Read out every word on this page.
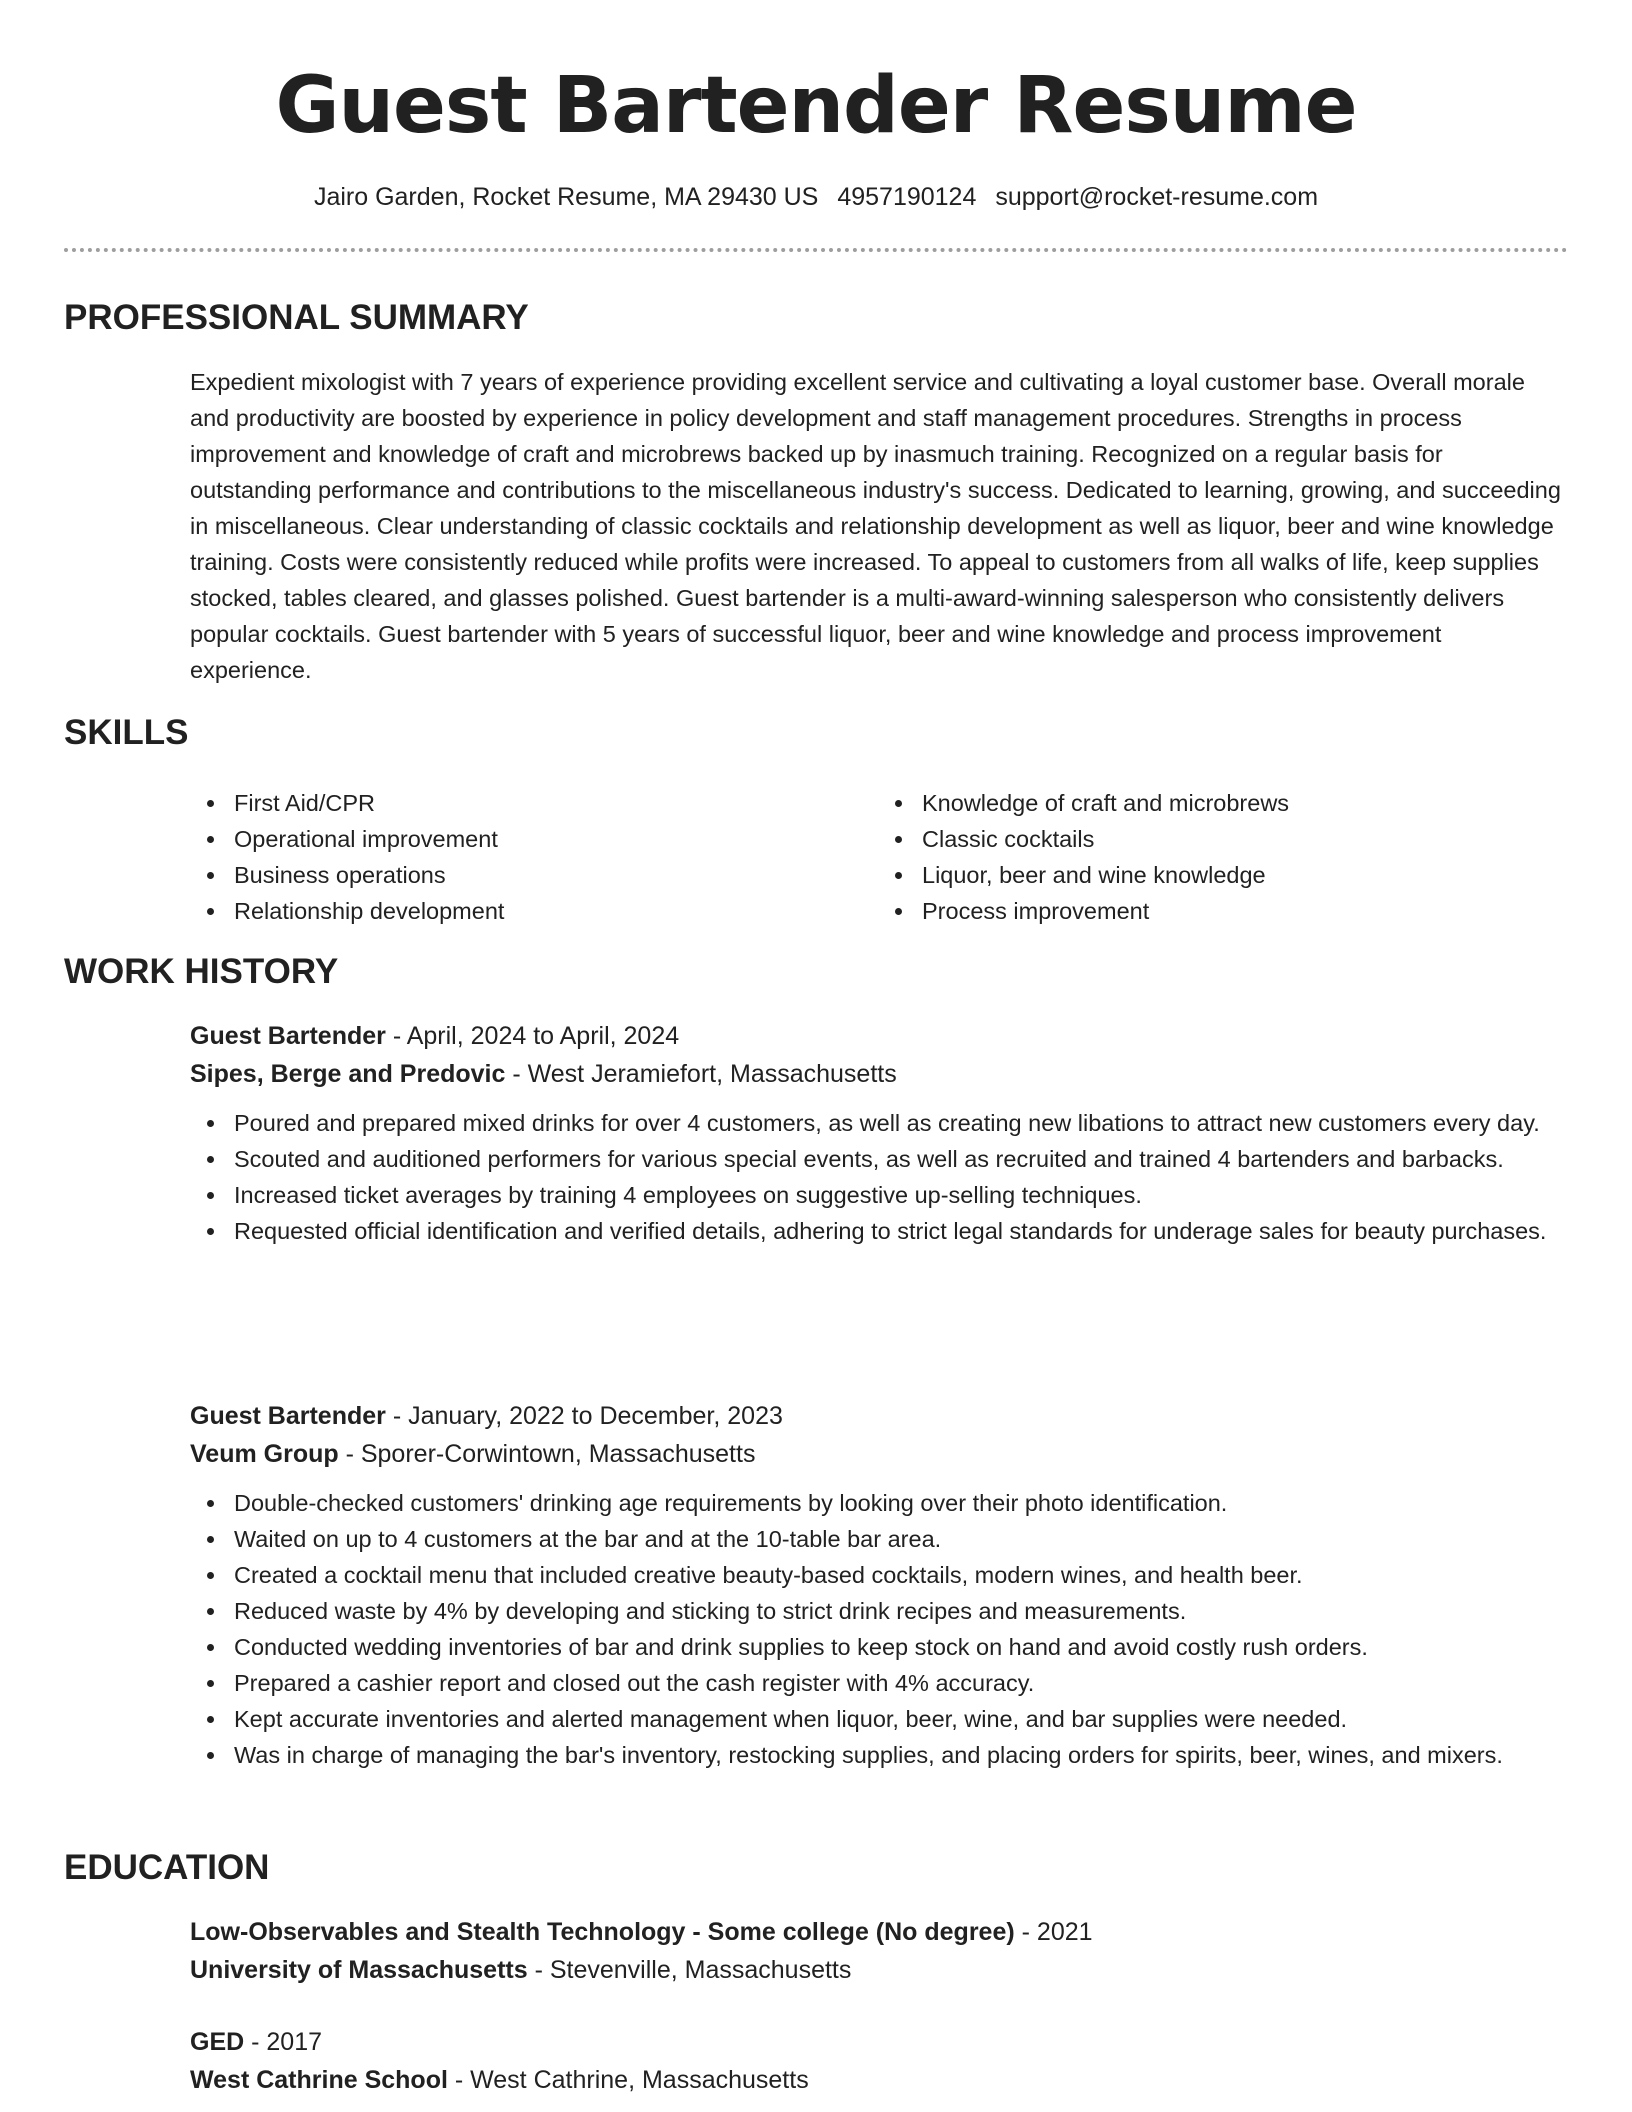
Guest Bartender Resume

Jairo Garden, Rocket Resume, MA 29430 US 4957190124 support@rocket-resume.com

PROFESSIONAL SUMMARY

Expedient mixologist with 7 years of experience providing excellent service and cultivating a loyal customer base. Overall morale and productivity are boosted by experience in policy development and staff management procedures. Strengths in process improvement and knowledge of craft and microbrews backed up by inasmuch training. Recognized on a regular basis for outstanding performance and contributions to the miscellaneous industry's success. Dedicated to learning, growing, and succeeding in miscellaneous. Clear understanding of classic cocktails and relationship development as well as liquor, beer and wine knowledge training. Costs were consistently reduced while profits were increased. To appeal to customers from all walks of life, keep supplies stocked, tables cleared, and glasses polished. Guest bartender is a multi-award-winning salesperson who consistently delivers popular cocktails. Guest bartender with 5 years of successful liquor, beer and wine knowledge and process improvement experience.

SKILLS
First Aid/CPR
Operational improvement
Business operations
Relationship development
Knowledge of craft and microbrews
Classic cocktails
Liquor, beer and wine knowledge
Process improvement
WORK HISTORY

Guest Bartender - April, 2024 to April, 2024

Sipes, Berge and Predovic - West Jeramiefort, Massachusetts

Poured and prepared mixed drinks for over 4 customers, as well as creating new libations to attract new customers every day.
Scouted and auditioned performers for various special events, as well as recruited and trained 4 bartenders and barbacks.
Increased ticket averages by training 4 employees on suggestive up-selling techniques.
Requested official identification and verified details, adhering to strict legal standards for underage sales for beauty purchases.

Guest Bartender - January, 2022 to December, 2023

Veum Group - Sporer-Corwintown, Massachusetts

Double-checked customers' drinking age requirements by looking over their photo identification.
Waited on up to 4 customers at the bar and at the 10-table bar area.
Created a cocktail menu that included creative beauty-based cocktails, modern wines, and health beer.
Reduced waste by 4% by developing and sticking to strict drink recipes and measurements.
Conducted wedding inventories of bar and drink supplies to keep stock on hand and avoid costly rush orders.
Prepared a cashier report and closed out the cash register with 4% accuracy.
Kept accurate inventories and alerted management when liquor, beer, wine, and bar supplies were needed.
Was in charge of managing the bar's inventory, restocking supplies, and placing orders for spirits, beer, wines, and mixers.
EDUCATION

Low-Observables and Stealth Technology - Some college (No degree) - 2021

University of Massachusetts - Stevenville, Massachusetts

GED - 2017

West Cathrine School - West Cathrine, Massachusetts
